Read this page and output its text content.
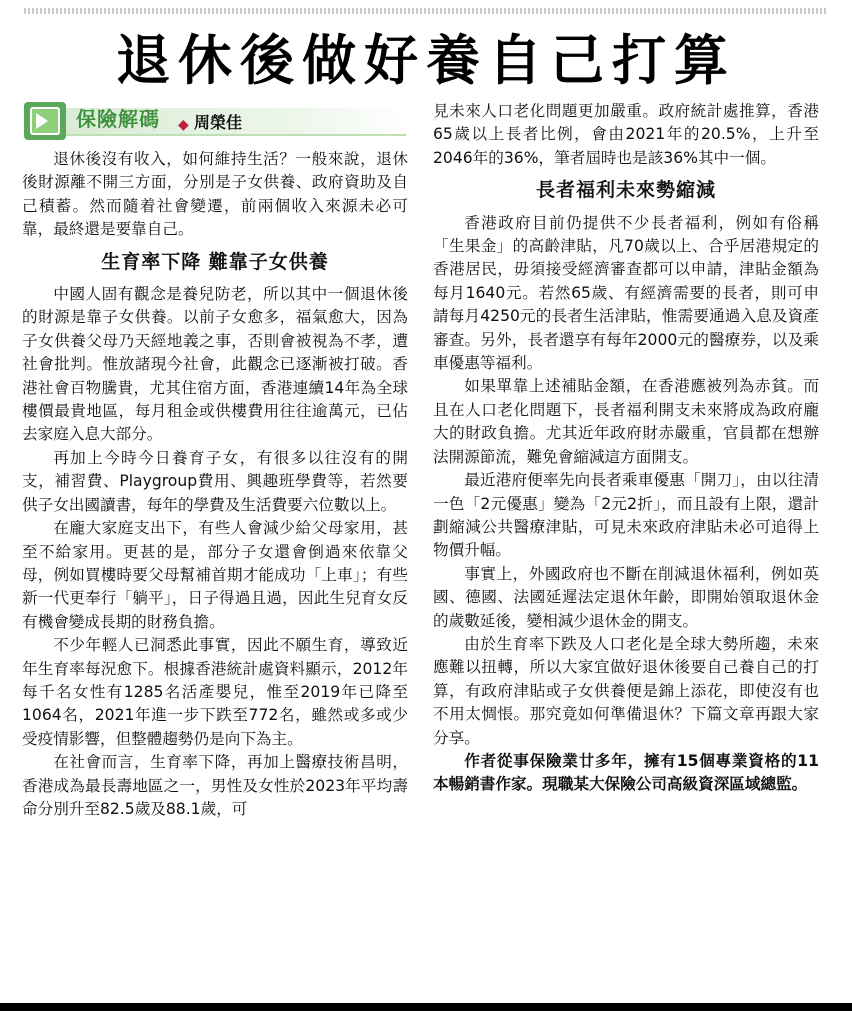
退休後做好養自己打算
保險解碼 ◆ 周榮佳

退休後沒有收入，如何維持生活？一般來說，退休後財源離不開三方面，分別是子女供養、政府資助及自己積蓄。然而隨着社會變遷，前兩個收入來源未必可靠，最終還是要靠自己。

生育率下降 難靠子女供養

中國人固有觀念是養兒防老，所以其中一個退休後的財源是靠子女供養。以前子女愈多，福氣愈大，因為子女供養父母乃天經地義之事，否則會被視為不孝，遭社會批判。惟放諸現今社會，此觀念已逐漸被打破。香港社會百物騰貴，尤其住宿方面，香港連續14年為全球樓價最貴地區，每月租金或供樓費用往往逾萬元，已佔去家庭入息大部分。

再加上今時今日養育子女，有很多以往沒有的開支，補習費、Playgroup費用、興趣班學費等，若然要供子女出國讀書，每年的學費及生活費要六位數以上。

在龐大家庭支出下，有些人會減少給父母家用，甚至不給家用。更甚的是，部分子女還會倒過來依靠父母，例如買樓時要父母幫補首期才能成功「上車」；有些新一代更奉行「躺平」，日子得過且過，因此生兒育女反有機會變成長期的財務負擔。

不少年輕人已洞悉此事實，因此不願生育，導致近年生育率每況愈下。根據香港統計處資料顯示，2012年每千名女性有1285名活產嬰兒，惟至2019年已降至1064名，2021年進一步下跌至772名，雖然或多或少受疫情影響，但整體趨勢仍是向下為主。

在社會而言，生育率下降，再加上醫療技術昌明，香港成為最長壽地區之一，男性及女性於2023年平均壽命分別升至82.5歲及88.1歲，可

見未來人口老化問題更加嚴重。政府統計處推算，香港65歲以上長者比例，會由2021年的20.5%，上升至2046年的36%，筆者屆時也是該36%其中一個。

長者福利未來勢縮減

香港政府目前仍提供不少長者福利，例如有俗稱「生果金」的高齡津貼，凡70歲以上、合乎居港規定的香港居民，毋須接受經濟審查都可以申請，津貼金額為每月1640元。若然65歲、有經濟需要的長者，則可申請每月4250元的長者生活津貼，惟需要通過入息及資產審查。另外，長者還享有每年2000元的醫療券，以及乘車優惠等福利。

如果單靠上述補貼金額，在香港應被列為赤貧。而且在人口老化問題下，長者福利開支未來將成為政府龐大的財政負擔。尤其近年政府財赤嚴重，官員都在想辦法開源節流，難免會縮減這方面開支。

最近港府便率先向長者乘車優惠「開刀」，由以往清一色「2元優惠」變為「2元2折」，而且設有上限，還計劃縮減公共醫療津貼，可見未來政府津貼未必可追得上物價升幅。

事實上，外國政府也不斷在削減退休福利，例如英國、德國、法國延遲法定退休年齡，即開始領取退休金的歲數延後，變相減少退休金的開支。

由於生育率下跌及人口老化是全球大勢所趨，未來應難以扭轉，所以大家宜做好退休後要自己養自己的打算，有政府津貼或子女供養便是錦上添花，即使沒有也不用太惆悵。那究竟如何準備退休？下篇文章再跟大家分享。

作者從事保險業廿多年，擁有15個專業資格的11本暢銷書作家。現職某大保險公司高級資深區域總監。
